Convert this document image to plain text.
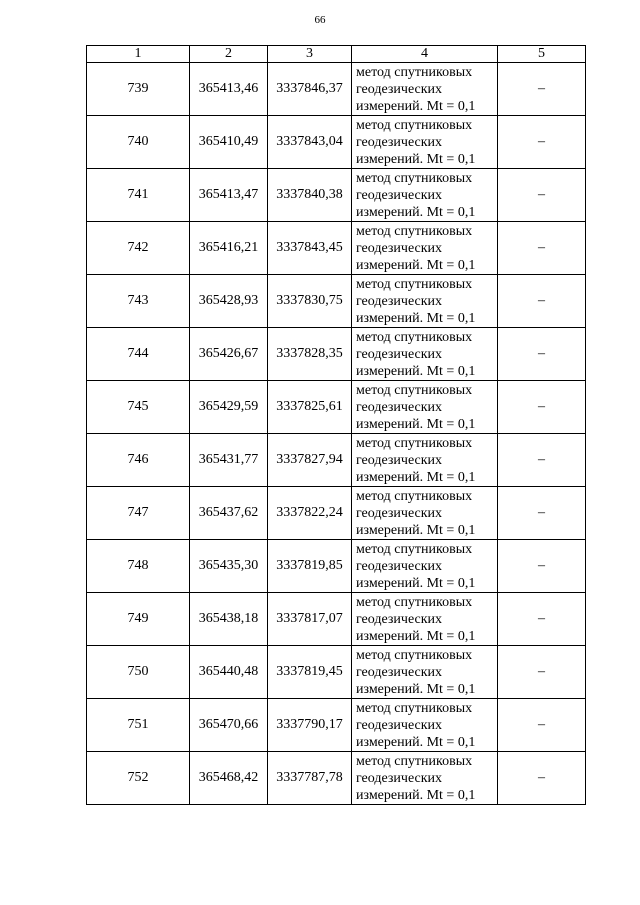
66
1	2	3	4	5
739	365413,46	3337846,37	метод спутниковых
геодезических
измерений. Mt = 0,1	–
740	365410,49	3337843,04	метод спутниковых
геодезических
измерений. Mt = 0,1	–
741	365413,47	3337840,38	метод спутниковых
геодезических
измерений. Mt = 0,1	–
742	365416,21	3337843,45	метод спутниковых
геодезических
измерений. Mt = 0,1	–
743	365428,93	3337830,75	метод спутниковых
геодезических
измерений. Mt = 0,1	–
744	365426,67	3337828,35	метод спутниковых
геодезических
измерений. Mt = 0,1	–
745	365429,59	3337825,61	метод спутниковых
геодезических
измерений. Mt = 0,1	–
746	365431,77	3337827,94	метод спутниковых
геодезических
измерений. Mt = 0,1	–
747	365437,62	3337822,24	метод спутниковых
геодезических
измерений. Mt = 0,1	–
748	365435,30	3337819,85	метод спутниковых
геодезических
измерений. Mt = 0,1	–
749	365438,18	3337817,07	метод спутниковых
геодезических
измерений. Mt = 0,1	–
750	365440,48	3337819,45	метод спутниковых
геодезических
измерений. Mt = 0,1	–
751	365470,66	3337790,17	метод спутниковых
геодезических
измерений. Mt = 0,1	–
752	365468,42	3337787,78	метод спутниковых
геодезических
измерений. Mt = 0,1	–
